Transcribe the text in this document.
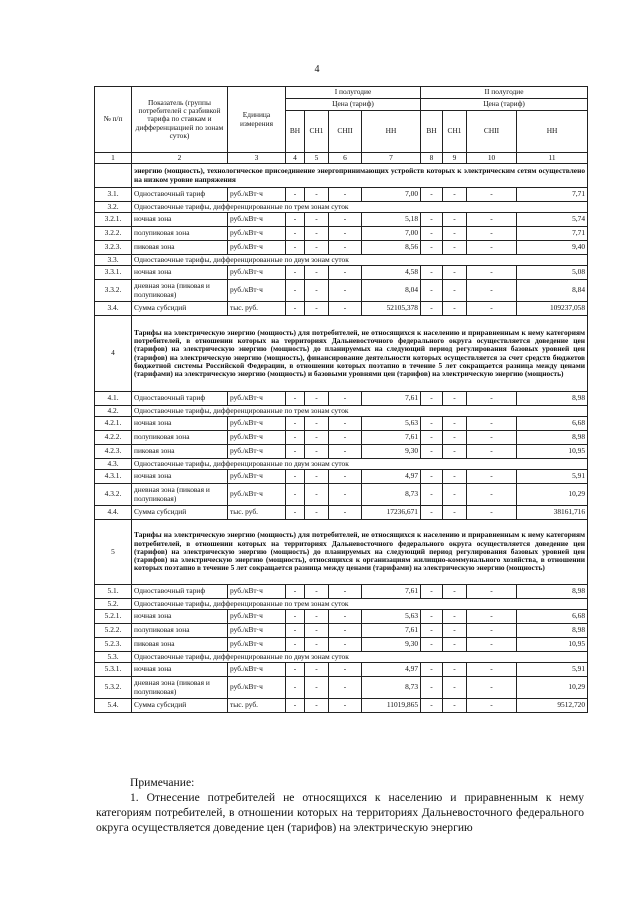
4
№ п/п	Показатель (группы потребителей с разбивкой тарифа по ставкам и дифференциацией по зонам суток)	Единица измерения	I полугодие				II полугодие			
			Цена (тариф)				Цена (тариф)			
			ВН	СН1	СНII	НН	ВН	СН1	СНII	НН
1	2	3	4	5	6	7	8	9	10	11
	энергию (мощность), технологическое присоединение энергопринимающих устройств которых к электрическим сетям осуществлено на низком уровне напряжения									
3.1.	Одноставочный тариф	руб./кВт·ч	-	-	-	7,00	-	-	-	7,71
3.2.	Одноставочные тарифы, дифференцированные по трем зонам суток									
3.2.1.	ночная зона	руб./кВт·ч	-	-	-	5,18	-	-	-	5,74
3.2.2.	полупиковая зона	руб./кВт·ч	-	-	-	7,00	-	-	-	7,71
3.2.3.	пиковая зона	руб./кВт·ч	-	-	-	8,56	-	-	-	9,40
3.3.	Одноставочные тарифы, дифференцированные по двум зонам суток									
3.3.1.	ночная зона	руб./кВт·ч	-	-	-	4,58	-	-	-	5,08
3.3.2.	дневная зона (пиковая и полупиковая)	руб./кВт·ч	-	-	-	8,04	-	-	-	8,84
3.4.	Сумма субсидий	тыс. руб.	-	-	-	52105,378	-	-	-	109237,058
4	Тарифы на электрическую энергию (мощность) для потребителей, не относящихся к населению и приравненным к нему категориям потребителей, в отношении которых на территориях Дальневосточного федерального округа осуществляется доведение цен (тарифов) на электрическую энергию (мощность) до планируемых на следующий период регулирования базовых уровней цен (тарифов) на электрическую энергию (мощность), финансирование деятельности которых осуществляется за счет средств бюджетов бюджетной системы Российской Федерации, в отношении которых поэтапно в течение 5 лет сокращается разница между ценами (тарифами) на электрическую энергию (мощность) и базовыми уровнями цен (тарифов) на электрическую энергию (мощность)									
4.1.	Одноставочный тариф	руб./кВт·ч	-	-	-	7,61	-	-	-	8,98
4.2.	Одноставочные тарифы, дифференцированные по трем зонам суток									
4.2.1.	ночная зона	руб./кВт·ч	-	-	-	5,63	-	-	-	6,68
4.2.2.	полупиковая зона	руб./кВт·ч	-	-	-	7,61	-	-	-	8,98
4.2.3.	пиковая зона	руб./кВт·ч	-	-	-	9,30	-	-	-	10,95
4.3.	Одноставочные тарифы, дифференцированные по двум зонам суток									
4.3.1.	ночная зона	руб./кВт·ч	-	-	-	4,97	-	-	-	5,91
4.3.2.	дневная зона (пиковая и полупиковая)	руб./кВт·ч	-	-	-	8,73	-	-	-	10,29
4.4.	Сумма субсидий	тыс. руб.	-	-	-	17236,671	-	-	-	38161,716
5	Тарифы на электрическую энергию (мощность) для потребителей, не относящихся к населению и приравненным к нему категориям потребителей, в отношении которых на территориях Дальневосточного федерального округа осуществляется доведение цен (тарифов) на электрическую энергию (мощность) до планируемых на следующий период регулирования базовых уровней цен (тарифов) на электрическую энергию (мощность), относящихся к организациям жилищно-коммунального хозяйства, в отношении которых поэтапно в течение 5 лет сокращается разница между ценами (тарифами) на электрическую энергию (мощность)									
5.1.	Одноставочный тариф	руб./кВт·ч	-	-	-	7,61	-	-	-	8,98
5.2.	Одноставочные тарифы, дифференцированные по трем зонам суток									
5.2.1.	ночная зона	руб./кВт·ч	-	-	-	5,63	-	-	-	6,68
5.2.2.	полупиковая зона	руб./кВт·ч	-	-	-	7,61	-	-	-	8,98
5.2.3.	пиковая зона	руб./кВт·ч	-	-	-	9,30	-	-	-	10,95
5.3.	Одноставочные тарифы, дифференцированные по двум зонам суток									
5.3.1.	ночная зона	руб./кВт·ч	-	-	-	4,97	-	-	-	5,91
5.3.2.	дневная зона (пиковая и полупиковая)	руб./кВт·ч	-	-	-	8,73	-	-	-	10,29
5.4.	Сумма субсидий	тыс. руб.	-	-	-	11019,865	-	-	-	9512,720
Примечание:
1. Отнесение потребителей не относящихся к населению и приравненным к нему категориям потребителей, в отношении которых на территориях Дальневосточного федерального округа осуществляется доведение цен (тарифов) на электрическую энергию
